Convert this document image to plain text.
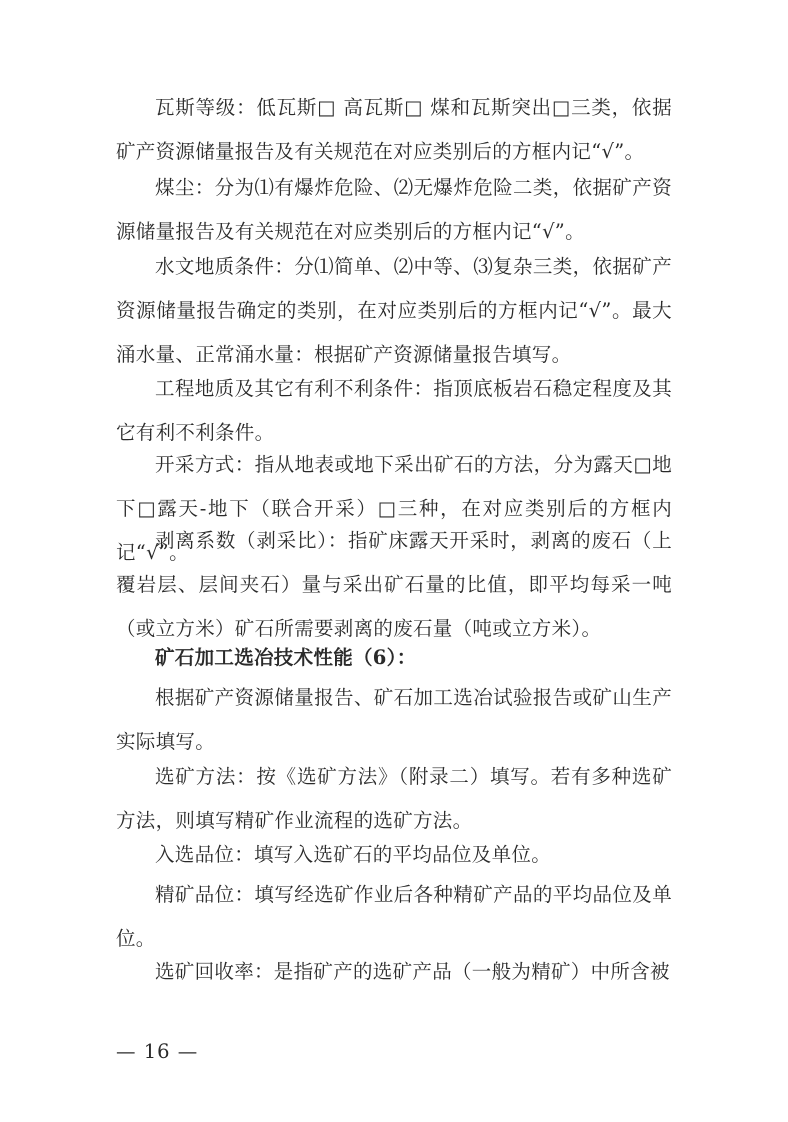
瓦斯等级：低瓦斯□ 高瓦斯□ 煤和瓦斯突出□三类，依据矿产资源储量报告及有关规范在对应类别后的方框内记“√”。

煤尘：分为⑴有爆炸危险、⑵无爆炸危险二类，依据矿产资源储量报告及有关规范在对应类别后的方框内记“√”。

水文地质条件：分⑴简单、⑵中等、⑶复杂三类，依据矿产资源储量报告确定的类别，在对应类别后的方框内记“√”。最大涌水量、正常涌水量：根据矿产资源储量报告填写。

工程地质及其它有利不利条件：指顶底板岩石稳定程度及其它有利不利条件。

开采方式：指从地表或地下采出矿石的方法，分为露天□地下□露天-地下（联合开采）□三种，在对应类别后的方框内记“√”。

剥离系数（剥采比）：指矿床露天开采时，剥离的废石（上覆岩层、层间夹石）量与采出矿石量的比值，即平均每采一吨（或立方米）矿石所需要剥离的废石量（吨或立方米）。

矿石加工选冶技术性能（6）：

根据矿产资源储量报告、矿石加工选冶试验报告或矿山生产实际填写。

选矿方法：按《选矿方法》（附录二）填写。若有多种选矿方法，则填写精矿作业流程的选矿方法。

入选品位：填写入选矿石的平均品位及单位。

精矿品位：填写经选矿作业后各种精矿产品的平均品位及单位。

选矿回收率：是指矿产的选矿产品（一般为精矿）中所含被

— 16 —
